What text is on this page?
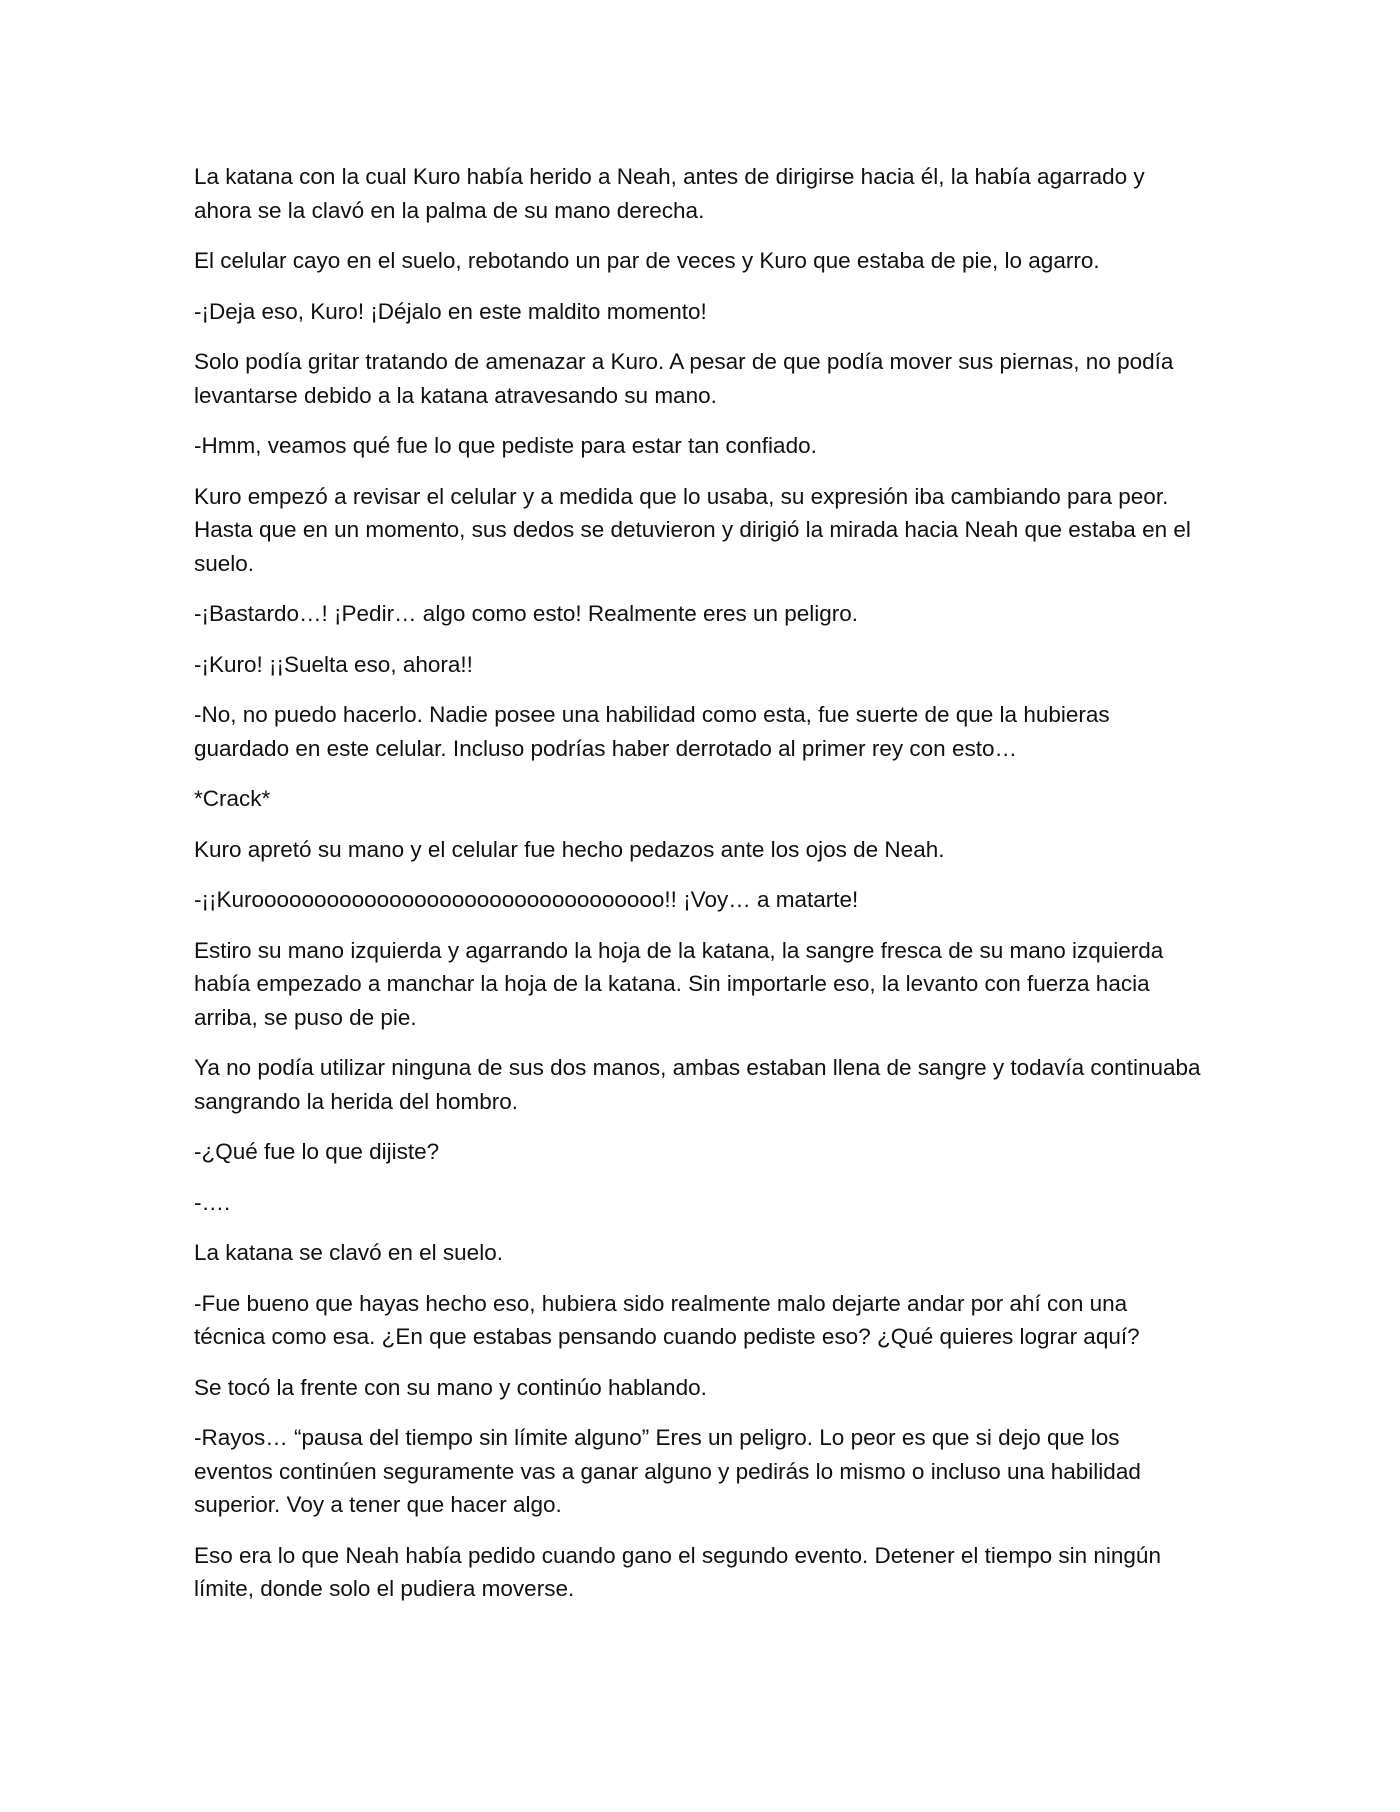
La katana con la cual Kuro había herido a Neah, antes de dirigirse hacia él, la había agarrado y ahora se la clavó en la palma de su mano derecha.

El celular cayo en el suelo, rebotando un par de veces y Kuro que estaba de pie, lo agarro.

-¡Deja eso, Kuro! ¡Déjalo en este maldito momento!

Solo podía gritar tratando de amenazar a Kuro. A pesar de que podía mover sus piernas, no podía levantarse debido a la katana atravesando su mano.

-Hmm, veamos qué fue lo que pediste para estar tan confiado.

Kuro empezó a revisar el celular y a medida que lo usaba, su expresión iba cambiando para peor. Hasta que en un momento, sus dedos se detuvieron y dirigió la mirada hacia Neah que estaba en el suelo.

-¡Bastardo…! ¡Pedir… algo como esto! Realmente eres un peligro.

-¡Kuro! ¡¡Suelta eso, ahora!!

-No, no puedo hacerlo. Nadie posee una habilidad como esta, fue suerte de que la hubieras guardado en este celular. Incluso podrías haber derrotado al primer rey con esto…

*Crack*

Kuro apretó su mano y el celular fue hecho pedazos ante los ojos de Neah.

-¡¡Kurooooooooooooooooooooooooooooooooo!! ¡Voy… a matarte!

Estiro su mano izquierda y agarrando la hoja de la katana, la sangre fresca de su mano izquierda había empezado a manchar la hoja de la katana. Sin importarle eso, la levanto con fuerza hacia arriba, se puso de pie.

Ya no podía utilizar ninguna de sus dos manos, ambas estaban llena de sangre y todavía continuaba sangrando la herida del hombro.

-¿Qué fue lo que dijiste?

-….

La katana se clavó en el suelo.

-Fue bueno que hayas hecho eso, hubiera sido realmente malo dejarte andar por ahí con una técnica como esa. ¿En que estabas pensando cuando pediste eso? ¿Qué quieres lograr aquí?

Se tocó la frente con su mano y continúo hablando.

-Rayos… “pausa del tiempo sin límite alguno” Eres un peligro. Lo peor es que si dejo que los eventos continúen seguramente vas a ganar alguno y pedirás lo mismo o incluso una habilidad superior. Voy a tener que hacer algo.

Eso era lo que Neah había pedido cuando gano el segundo evento. Detener el tiempo sin ningún límite, donde solo el pudiera moverse.
